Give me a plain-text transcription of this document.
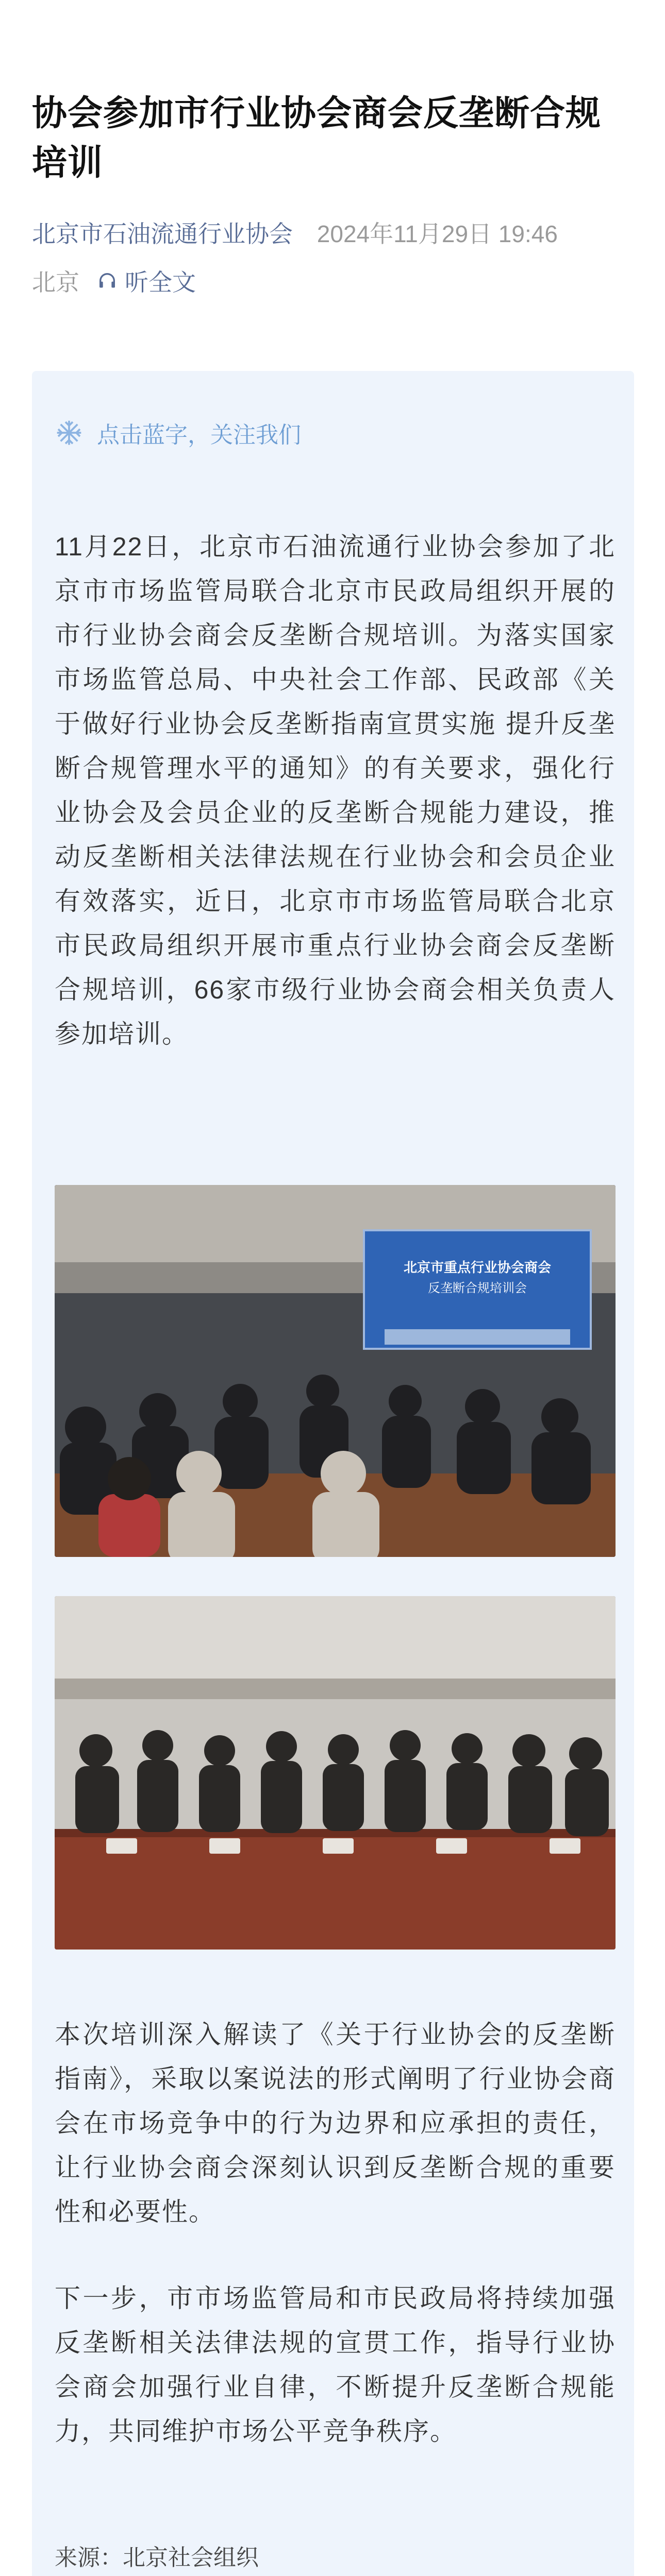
协会参加市行业协会商会反垄断合规培训
北京市石油流通行业协会 2024年11月29日 19:46
北京 听全文
点击蓝字，关注我们
11月22日，北京市石油流通行业协会参加了北京市市场监管局联合北京市民政局组织开展的市行业协会商会反垄断合规培训。为落实国家市场监管总局、中央社会工作部、民政部《关于做好行业协会反垄断指南宣贯实施 提升反垄断合规管理水平的通知》的有关要求，强化行业协会及会员企业的反垄断合规能力建设，推动反垄断相关法律法规在行业协会和会员企业有效落实，近日，北京市市场监管局联合北京市民政局组织开展市重点行业协会商会反垄断合规培训，66家市级行业协会商会相关负责人参加培训。
北京市重点行业协会商会
反垄断合规培训会
本次培训深入解读了《关于行业协会的反垄断指南》，采取以案说法的形式阐明了行业协会商会在市场竞争中的行为边界和应承担的责任，让行业协会商会深刻认识到反垄断合规的重要性和必要性。
下一步，市市场监管局和市民政局将持续加强反垄断相关法律法规的宣贯工作，指导行业协会商会加强行业自律，不断提升反垄断合规能力，共同维护市场公平竞争秩序。
来源：北京社会组织
